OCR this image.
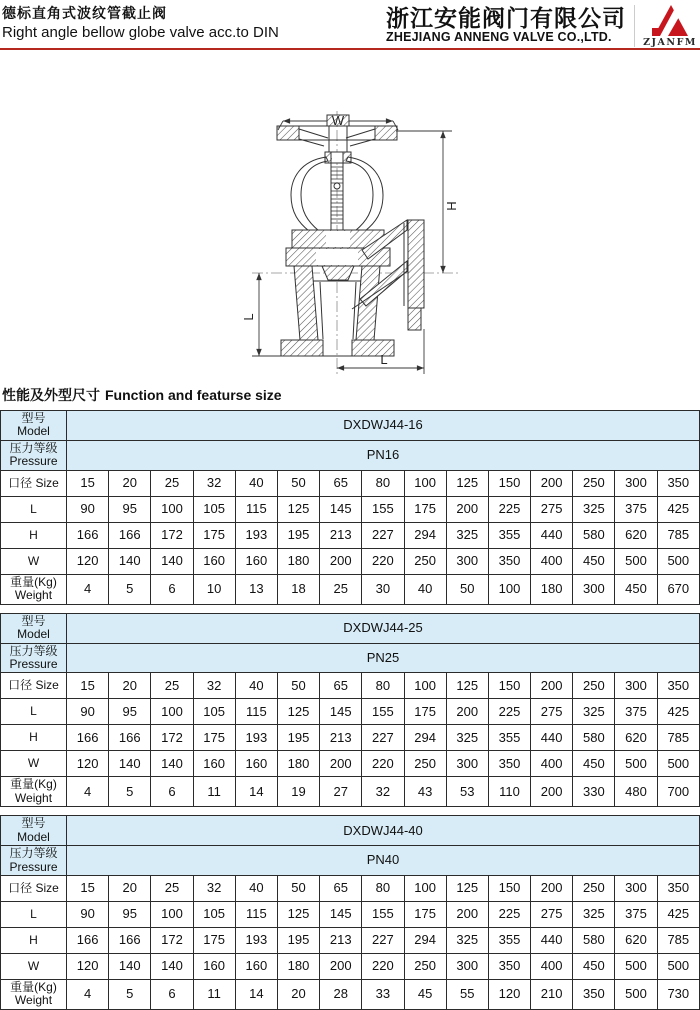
德标直角式波纹管截止阀
Right angle bellow globe valve acc.to DIN
浙江安能阀门有限公司
ZHEJIANG ANNENG VALVE CO.,LTD.	ZJANFM
W
H
L
L
性能及外型尺寸 Function and featurse size
型号
Model	DXDWJ44-16														
压力等级
Pressure	PN16														
口径 Size	15	20	25	32	40	50	65	80	100	125	150	200	250	300	350
L	90	95	100	105	115	125	145	155	175	200	225	275	325	375	425
H	166	166	172	175	193	195	213	227	294	325	355	440	580	620	785
W	120	140	140	160	160	180	200	220	250	300	350	400	450	500	500
重量(Kg)
Weight	4	5	6	10	13	18	25	30	40	50	100	180	300	450	670
型号
Model	DXDWJ44-25														
压力等级
Pressure	PN25														
口径 Size	15	20	25	32	40	50	65	80	100	125	150	200	250	300	350
L	90	95	100	105	115	125	145	155	175	200	225	275	325	375	425
H	166	166	172	175	193	195	213	227	294	325	355	440	580	620	785
W	120	140	140	160	160	180	200	220	250	300	350	400	450	500	500
重量(Kg)
Weight	4	5	6	11	14	19	27	32	43	53	110	200	330	480	700
型号
Model	DXDWJ44-40														
压力等级
Pressure	PN40														
口径 Size	15	20	25	32	40	50	65	80	100	125	150	200	250	300	350
L	90	95	100	105	115	125	145	155	175	200	225	275	325	375	425
H	166	166	172	175	193	195	213	227	294	325	355	440	580	620	785
W	120	140	140	160	160	180	200	220	250	300	350	400	450	500	500
重量(Kg)
Weight	4	5	6	11	14	20	28	33	45	55	120	210	350	500	730
